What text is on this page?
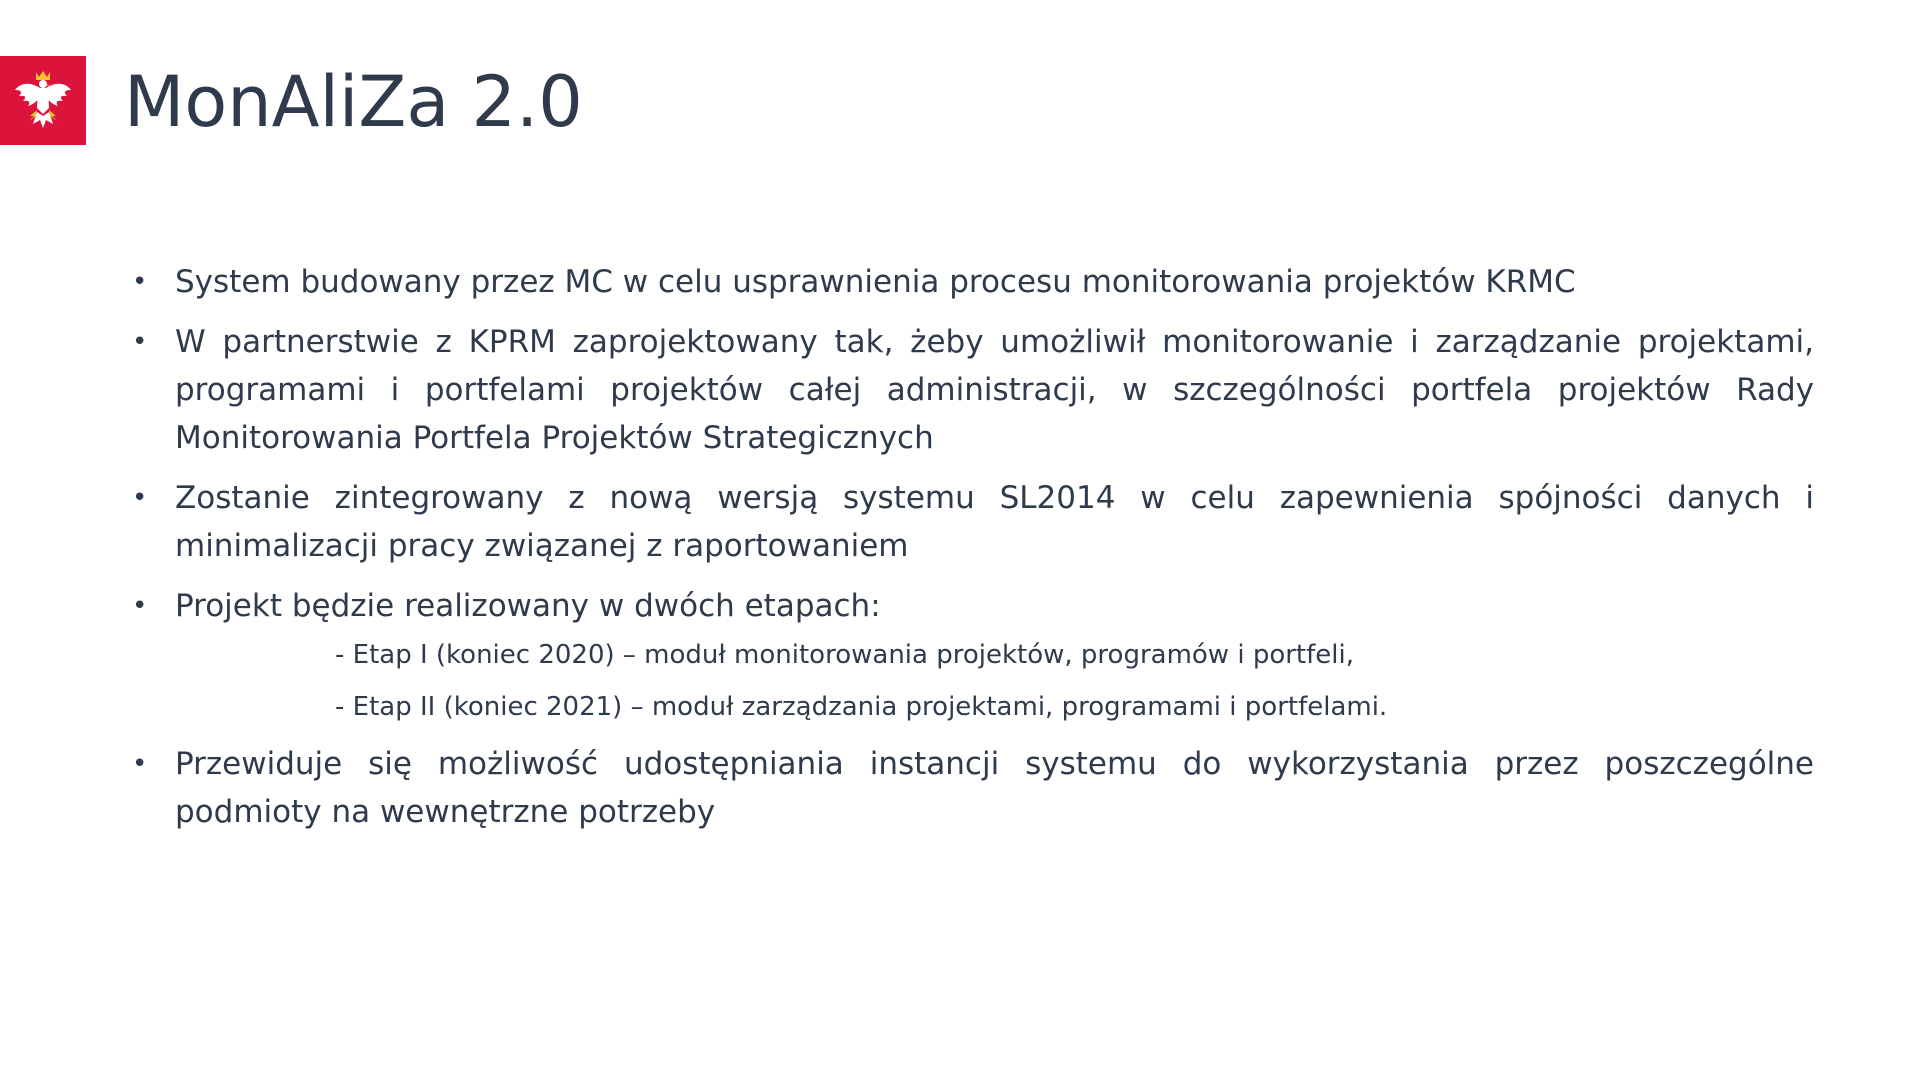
MonAliZa 2.0
• System budowany przez MC w celu usprawnienia procesu monitorowania projektów KRMC
• W partnerstwie z KPRM zaprojektowany tak, żeby umożliwił monitorowanie i zarządzanie projektami, programami i portfelami projektów całej administracji, w szczególności portfela projektów Rady Monitorowania Portfela Projektów Strategicznych
• Zostanie zintegrowany z nową wersją systemu SL2014 w celu zapewnienia spójności danych i minimalizacji pracy związanej z raportowaniem
• Projekt będzie realizowany w dwóch etapach:
- Etap I (koniec 2020) – moduł monitorowania projektów, programów i portfeli,
- Etap II (koniec 2021) – moduł zarządzania projektami, programami i portfelami.
• Przewiduje się możliwość udostępniania instancji systemu do wykorzystania przez poszczególne podmioty na wewnętrzne potrzeby
